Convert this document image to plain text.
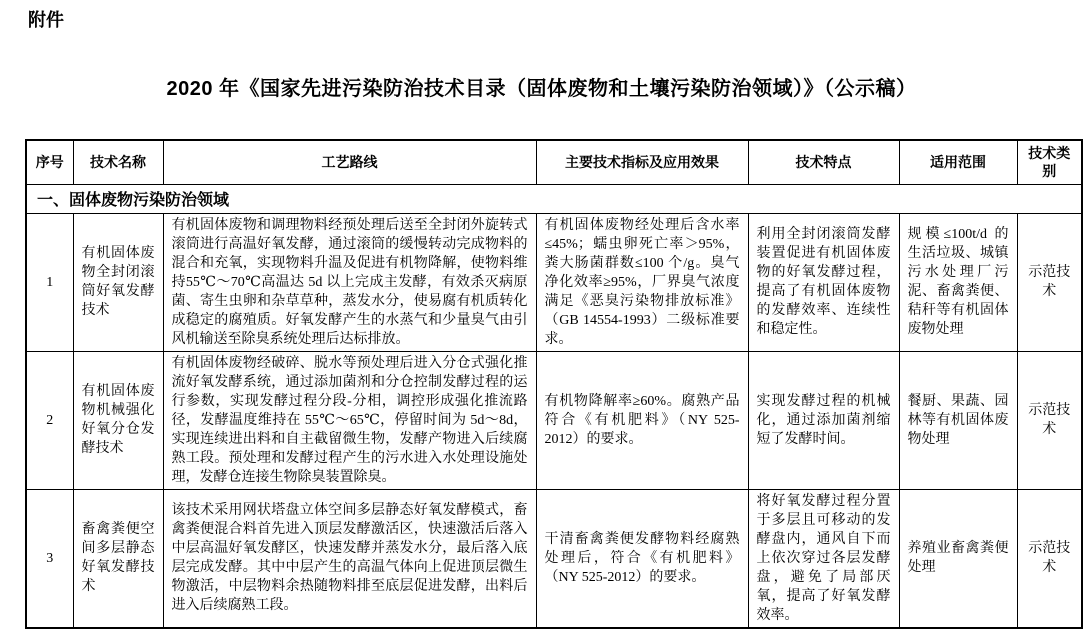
附件
2020 年《国家先进污染防治技术目录（固体废物和土壤污染防治领域）》（公示稿）
序号	技术名称	工艺路线	主要技术指标及应用效果	技术特点	适用范围	技术类别
一、固体废物污染防治领域						
1	有机固体废物全封闭滚筒好氧发酵技术	有机固体废物和调理物料经预处理后送至全封闭外旋转式滚筒进行高温好氧发酵，通过滚筒的缓慢转动完成物料的混合和充氧，实现物料升温及促进有机物降解，使物料维持55℃～70℃高温达 5d 以上完成主发酵，有效杀灭病原菌、寄生虫卵和杂草草种，蒸发水分，使易腐有机质转化成稳定的腐殖质。好氧发酵产生的水蒸气和少量臭气由引风机输送至除臭系统处理后达标排放。	有机固体废物经处理后含水率≤45%；蠕虫卵死亡率＞95%，粪大肠菌群数≤100 个/g。臭气净化效率≥95%，厂界臭气浓度满足《恶臭污染物排放标准》（GB 14554-1993）二级标准要求。	利用全封闭滚筒发酵装置促进有机固体废物的好氧发酵过程，提高了有机固体废物的发酵效率、连续性和稳定性。	规模≤100t/d 的生活垃圾、城镇污水处理厂污泥、畜禽粪便、秸秆等有机固体废物处理	示范技术
2	有机固体废物机械强化好氧分仓发酵技术	有机固体废物经破碎、脱水等预处理后进入分仓式强化推流好氧发酵系统，通过添加菌剂和分仓控制发酵过程的运行参数，实现发酵过程分段-分相，调控形成强化推流路径，发酵温度维持在 55℃～65℃，停留时间为 5d～8d，实现连续进出料和自主截留微生物，发酵产物进入后续腐熟工段。预处理和发酵过程产生的污水进入水处理设施处理，发酵仓连接生物除臭装置除臭。	有机物降解率≥60%。腐熟产品符合《有机肥料》（NY 525-2012）的要求。	实现发酵过程的机械化，通过添加菌剂缩短了发酵时间。	餐厨、果蔬、园林等有机固体废物处理	示范技术
3	畜禽粪便空间多层静态好氧发酵技术	该技术采用网状塔盘立体空间多层静态好氧发酵模式，畜禽粪便混合料首先进入顶层发酵激活区，快速激活后落入中层高温好氧发酵区，快速发酵并蒸发水分，最后落入底层完成发酵。其中中层产生的高温气体向上促进顶层微生物激活，中层物料余热随物料排至底层促进发酵，出料后进入后续腐熟工段。	干清畜禽粪便发酵物料经腐熟处理后，符合《有机肥料》（NY 525-2012）的要求。	将好氧发酵过程分置于多层且可移动的发酵盘内，通风自下而上依次穿过各层发酵盘，避免了局部厌氧，提高了好氧发酵效率。	养殖业畜禽粪便处理	示范技术
